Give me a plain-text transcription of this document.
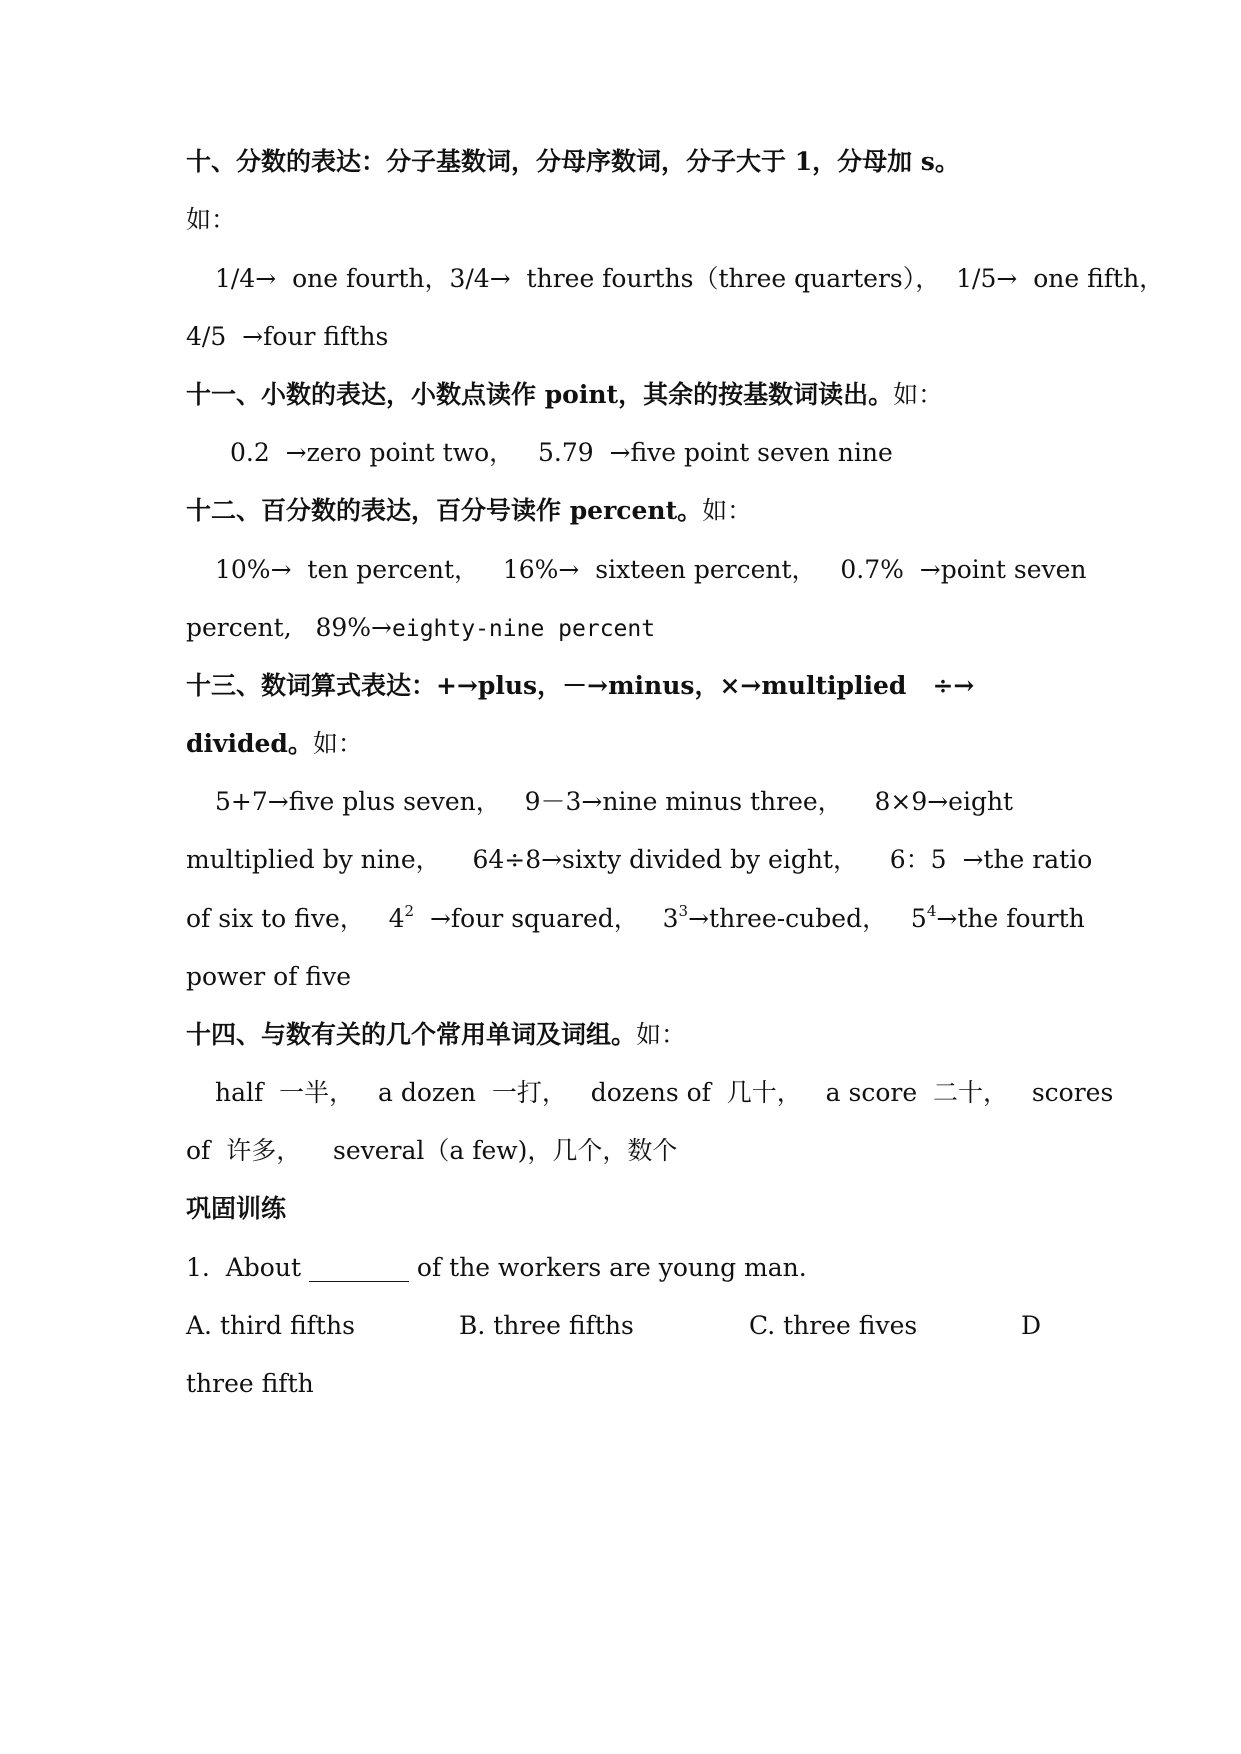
十、分数的表达：分子基数词，分母序数词，分子大于 1，分母加 s。
如：
1/4→  one fourth，3/4→  three fourths（three quarters），  1/5→  one fifth，
4/5  →four fifths
十一、小数的表达，小数点读作 point，其余的按基数词读出。如：
0.2  →zero point two，   5.79  →five point seven nine
十二、百分数的表达，百分号读作 percent。如：
10%→  ten percent，   16%→  sixteen percent，   0.7%  →point seven
percent,   89%→eighty-nine percent
十三、数词算式表达：+→plus，－→minus，×→multiplied   ÷→
divided。如：
5+7→five plus seven，   9－3→nine minus three，    8×9→eight
multiplied by nine，    64÷8→sixty divided by eight，    6：5  →the ratio
of six to five，   $4^2$  →four squared，   $3^3\to three$-cubed，   $5^4\to the$ fourth
power of five
十四、与数有关的几个常用单词及词组。如：
half  一半，   a dozen  一打，   dozens of  几十，   a score  二十，   scores
of  许多，    several（a few)，几个，数个
巩固训练
1.  About ________ of the workers are young man.
A. third fifths	B. three fifths	C. three fives	D
three fifth
